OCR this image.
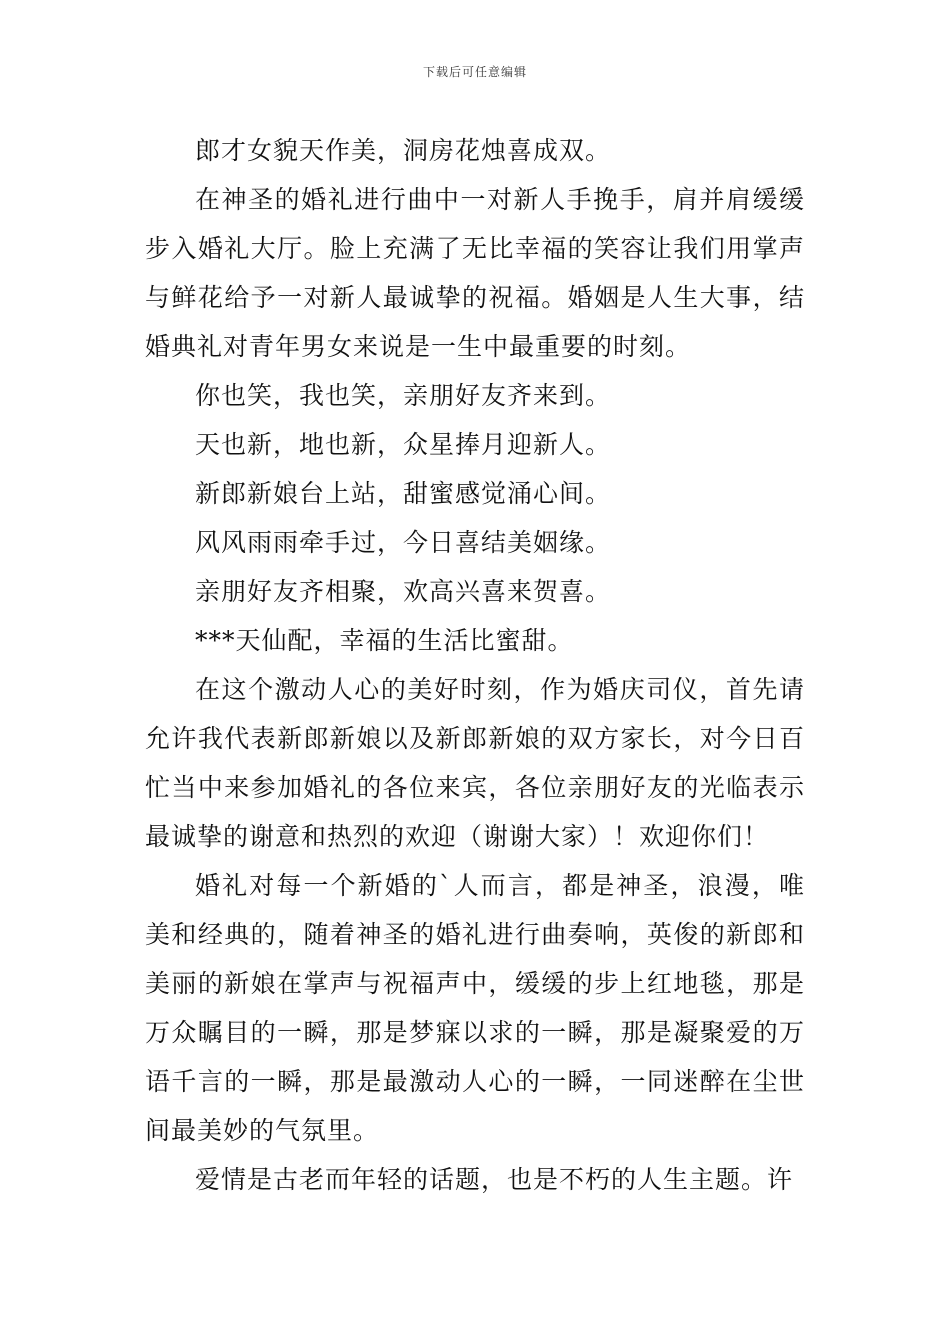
下载后可任意编辑

郎才女貌天作美，洞房花烛喜成双。

在神圣的婚礼进行曲中一对新人手挽手，肩并肩缓缓步入婚礼大厅。脸上充满了无比幸福的笑容让我们用掌声与鲜花给予一对新人最诚挚的祝福。婚姻是人生大事，结婚典礼对青年男女来说是一生中最重要的时刻。

你也笑，我也笑，亲朋好友齐来到。

天也新，地也新，众星捧月迎新人。

新郎新娘台上站，甜蜜感觉涌心间。

风风雨雨牵手过，今日喜结美姻缘。

亲朋好友齐相聚，欢高兴喜来贺喜。

***天仙配，幸福的生活比蜜甜。

在这个激动人心的美好时刻，作为婚庆司仪，首先请允许我代表新郎新娘以及新郎新娘的双方家长，对今日百忙当中来参加婚礼的各位来宾，各位亲朋好友的光临表示最诚挚的谢意和热烈的欢迎（谢谢大家）！欢迎你们！

婚礼对每一个新婚的`人而言，都是神圣，浪漫，唯美和经典的，随着神圣的婚礼进行曲奏响，英俊的新郎和美丽的新娘在掌声与祝福声中，缓缓的步上红地毯，那是万众瞩目的一瞬，那是梦寐以求的一瞬，那是凝聚爱的万语千言的一瞬，那是最激动人心的一瞬，一同迷醉在尘世间最美妙的气氛里。

爱情是古老而年轻的话题，也是不朽的人生主题。许
